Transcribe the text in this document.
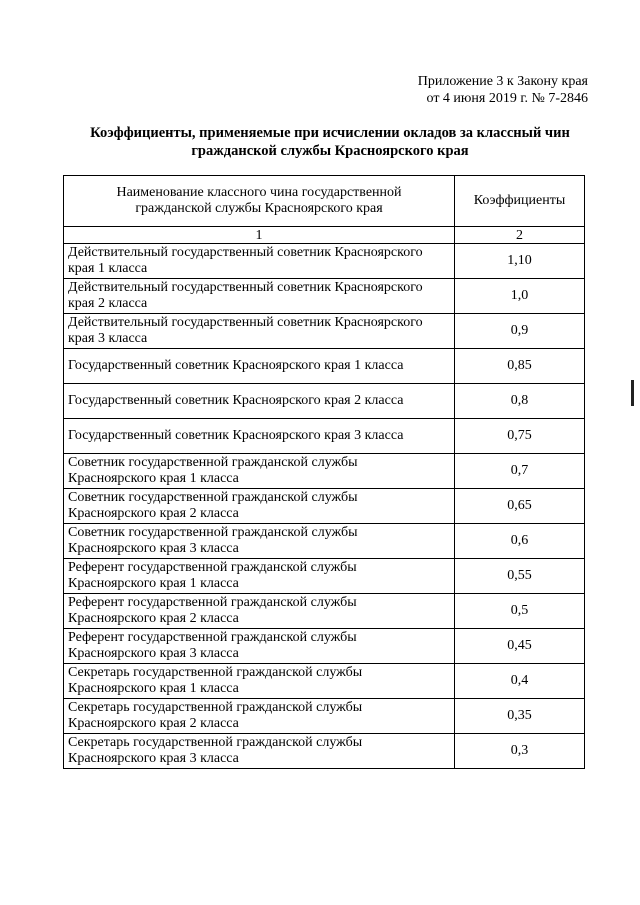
Приложение 3 к Закону края
от 4 июня 2019 г. № 7-2846
Коэффициенты, применяемые при исчислении окладов за классный чин
гражданской службы Красноярского края
Наименование классного чина государственной
гражданской службы Красноярского края	Коэффициенты
1	2

Действительный государственный советник Красноярского
края 1 класса	1,10

Действительный государственный советник Красноярского
края 2 класса	1,0

Действительный государственный советник Красноярского
края 3 класса	0,9

Государственный советник Красноярского края 1 класса	0,85

Государственный советник Красноярского края 2 класса	0,8

Государственный советник Красноярского края 3 класса	0,75

Советник государственной гражданской службы
Красноярского края 1 класса	0,7

Советник государственной гражданской службы
Красноярского края 2 класса	0,65

Советник государственной гражданской службы
Красноярского края 3 класса	0,6

Референт государственной гражданской службы
Красноярского края 1 класса	0,55

Референт государственной гражданской службы
Красноярского края 2 класса	0,5

Референт государственной гражданской службы
Красноярского края 3 класса	0,45

Секретарь государственной гражданской службы
Красноярского края 1 класса	0,4

Секретарь государственной гражданской службы
Красноярского края 2 класса	0,35

Секретарь государственной гражданской службы
Красноярского края 3 класса	0,3
